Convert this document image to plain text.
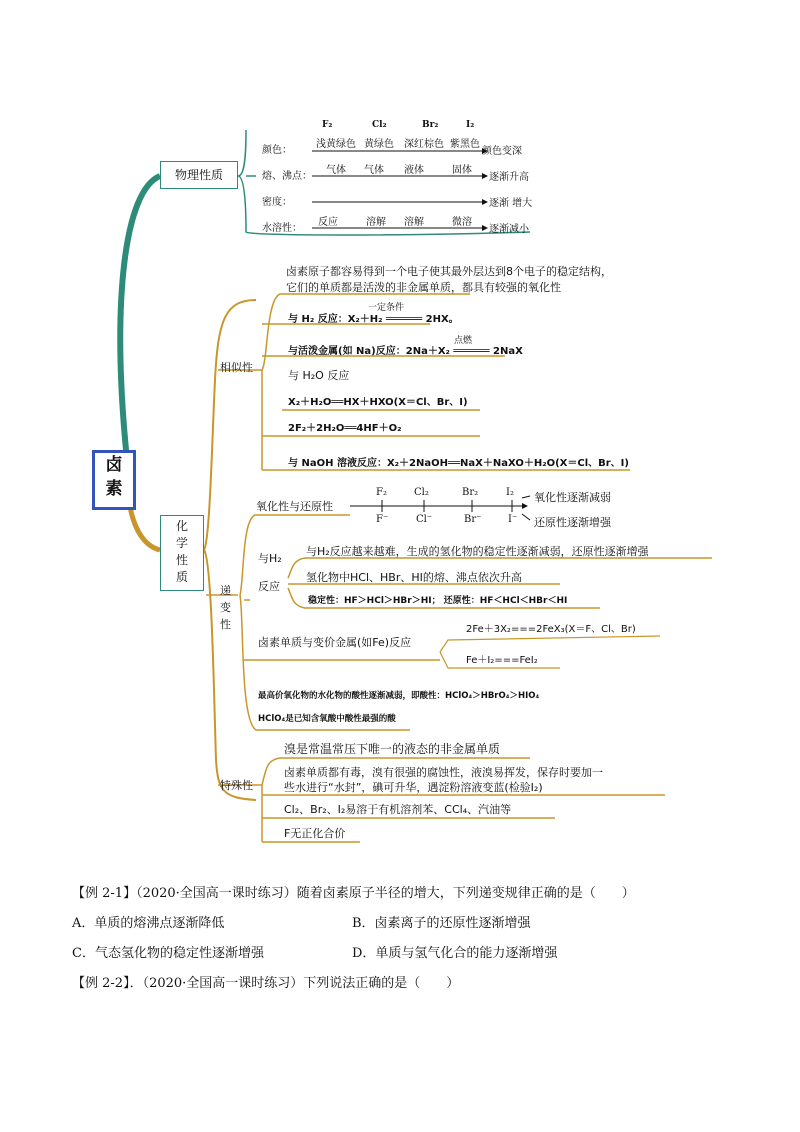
卤
素
物理性质
F₂	Cl₂	Br₂	I₂
颜色：
浅黄绿色 黄绿色 深红棕色 紫黑色
颜色变深
熔、沸点：
气体 气体 液体	固体
逐渐升高
密度：	逐渐 增大
水溶性：
反应	溶解 溶解	微溶
逐渐减小
化
学
性
质
相似性
卤素原子都容易得到一个电子使其最外层达到8个电子的稳定结构，
它们的单质都是活泼的非金属单质，都具有较强的氧化性
一定条件
与 H₂ 反应：X₂＋H₂ ══════ 2HX。
点燃
与活泼金属(如 Na)反应：2Na＋X₂ ══════ 2NaX
与 H₂O 反应
X₂＋H₂O══HX＋HXO(X＝Cl、Br、I)
2F₂＋2H₂O══4HF＋O₂
与 NaOH 溶液反应：X₂＋2NaOH══NaX＋NaXO＋H₂O(X＝Cl、Br、I)
递
变
性
氧化性与还原性
F₂	Cl₂	Br₂	I₂
F⁻	Cl⁻	Br⁻	I⁻
氧化性逐渐减弱
还原性逐渐增强
与H₂
反应
与H₂反应越来越难，生成的氢化物的稳定性逐渐减弱，还原性逐渐增强
氢化物中HCl、HBr、HI的熔、沸点依次升高
稳定性：HF＞HCl＞HBr＞HI； 还原性：HF＜HCl＜HBr＜HI
卤素单质与变价金属(如Fe)反应
2Fe＋3X₂===2FeX₃(X＝F、Cl、Br)
Fe＋I₂===FeI₂
最高价氧化物的水化物的酸性逐渐减弱，即酸性：HClO₄＞HBrO₄＞HIO₄
HClO₄是已知含氧酸中酸性最强的酸
特殊性
溴是常温常压下唯一的液态的非金属单质
卤素单质都有毒，溴有很强的腐蚀性，液溴易挥发，保存时要加一
些水进行“水封”，碘可升华，遇淀粉溶液变蓝(检验I₂)
Cl₂、Br₂、I₂易溶于有机溶剂苯、CCl₄、汽油等
F无正化合价
【例 2-1】（2020·全国高一课时练习）随着卤素原子半径的增大，下列递变规律正确的是（　　）
A．单质的熔沸点逐渐降低	B．卤素离子的还原性逐渐增强
C．气态氢化物的稳定性逐渐增强	D．单质与氢气化合的能力逐渐增强
【例 2-2】．（2020·全国高一课时练习）下列说法正确的是（　　）
